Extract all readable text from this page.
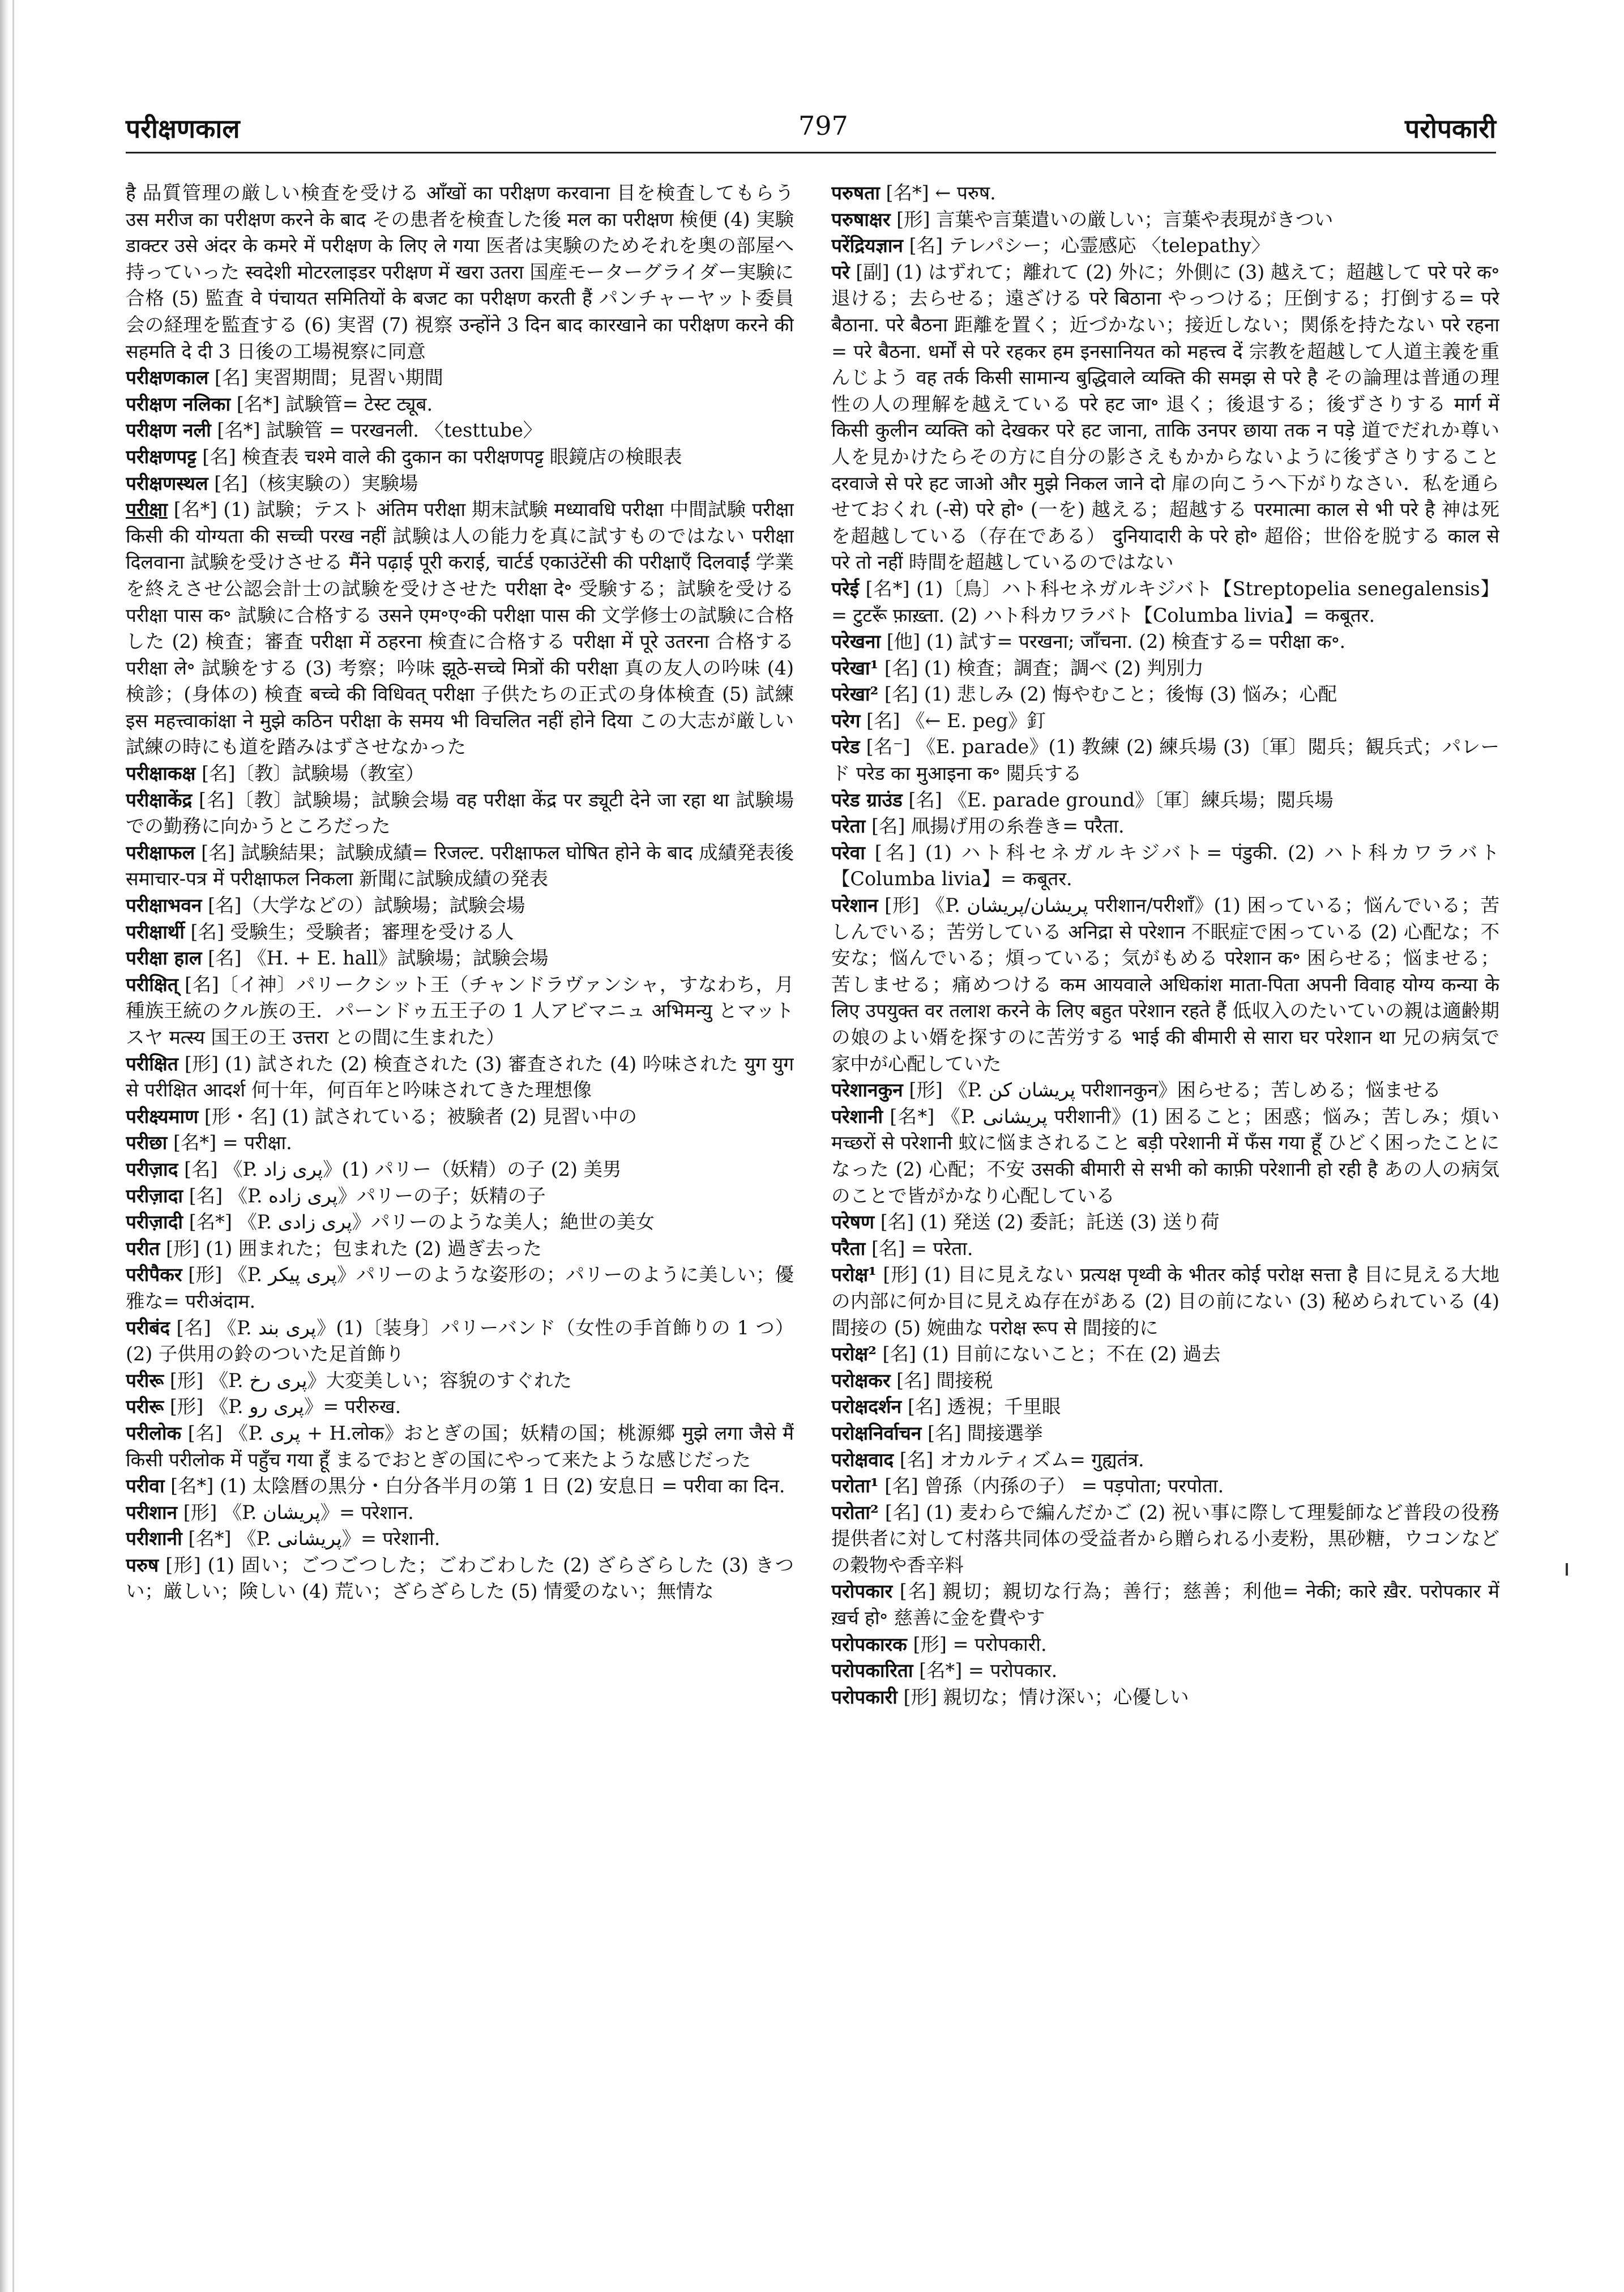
परीक्षणकाल	797	परोपकारी

है 品質管理の厳しい検査を受ける आँखों का परीक्षण करवाना 目を検査してもらう उस मरीज का परीक्षण करने के बाद その患者を検査した後 मल का परीक्षण 検便 (4) 実験 डाक्टर उसे अंदर के कमरे में परीक्षण के लिए ले गया 医者は実験のためそれを奥の部屋へ持っていった स्वदेशी मोटरलाइडर परीक्षण में खरा उतरा 国産モーターグライダー実験に合格 (5) 監査 वे पंचायत समितियों के बजट का परीक्षण करती हैं パンチャーヤット委員会の経理を監査する (6) 実習 (7) 視察 उन्होंने 3 दिन बाद कारखाने का परीक्षण करने की सहमति दे दी 3 日後の工場視察に同意

परीक्षणकाल [名] 実習期間；見習い期間

परीक्षण नलिका [名*] 試験管= टेस्ट ट्यूब.

परीक्षण नली [名*] 試験管 = परखनली. 〈testtube〉

परीक्षणपट्ट [名] 検査表 चश्मे वाले की दुकान का परीक्षणपट्ट 眼鏡店の検眼表

परीक्षणस्थल [名]（核実験の）実験場

परीक्षा [名*] (1) 試験；テスト अंतिम परीक्षा 期末試験 मध्यावधि परीक्षा 中間試験 परीक्षा किसी की योग्यता की सच्ची परख नहीं 試験は人の能力を真に試すものではない परीक्षा दिलवाना 試験を受けさせる मैंने पढ़ाई पूरी कराई, चार्टर्ड एकाउंटेंसी की परीक्षाएँ दिलवाईं 学業を終えさせ公認会計士の試験を受けさせた परीक्षा दे॰ 受験する；試験を受ける परीक्षा पास क॰ 試験に合格する उसने एम॰ए॰की परीक्षा पास की 文学修士の試験に合格した (2) 検査；審査 परीक्षा में ठहरना 検査に合格する परीक्षा में पूरे उतरना 合格する परीक्षा ले॰ 試験をする (3) 考察；吟味 झूठे-सच्चे मित्रों की परीक्षा 真の友人の吟味 (4) 検診；(身体の) 検査 बच्चे की विधिवत् परीक्षा 子供たちの正式の身体検査 (5) 試練 इस महत्त्वाकांक्षा ने मुझे कठिन परीक्षा के समय भी विचलित नहीं होने दिया この大志が厳しい試練の時にも道を踏みはずさせなかった

परीक्षाकक्ष [名]〔教〕試験場（教室）

परीक्षाकेंद्र [名]〔教〕試験場；試験会場 वह परीक्षा केंद्र पर ड्यूटी देने जा रहा था 試験場での勤務に向かうところだった

परीक्षाफल [名] 試験結果；試験成績= रिजल्ट. परीक्षाफल घोषित होने के बाद 成績発表後 समाचार-पत्र में परीक्षाफल निकला 新聞に試験成績の発表

परीक्षाभवन [名]（大学などの）試験場；試験会場

परीक्षार्थी [名] 受験生；受験者；審理を受ける人

परीक्षा हाल [名] 《H. + E. hall》試験場；試験会場

परीक्षित् [名]〔イ神〕パリークシット王（チャンドラヴァンシャ，すなわち，月種族王統のクル族の王．パーンドゥ五王子の 1 人アビマニュ अभिमन्यु とマットスヤ मत्स्य 国王の王 उत्तरा との間に生まれた）

परीक्षित [形] (1) 試された (2) 検査された (3) 審査された (4) 吟味された युग युग से परीक्षित आदर्श 何十年，何百年と吟味されてきた理想像

परीक्ष्यमाण [形・名] (1) 試されている；被験者 (2) 見習い中の

परीछा [名*] = परीक्षा.

परीज़ाद [名] 《P. پری زاد》(1) パリー（妖精）の子 (2) 美男

परीज़ादा [名] 《P. پری زاده》パリーの子；妖精の子

परीज़ादी [名*] 《P. پری زادی》パリーのような美人；絶世の美女

परीत [形] (1) 囲まれた；包まれた (2) 過ぎ去った

परीपैकर [形] 《P. پری پیکر》パリーのような姿形の；パリーのように美しい；優雅な= परीअंदाम.

परीबंद [名] 《P. پری بند》(1)〔装身〕パリーバンド（女性の手首飾りの 1 つ） (2) 子供用の鈴のついた足首飾り

परीरू [形] 《P. پری رخ》大変美しい；容貌のすぐれた

परीरू [形] 《P. پری رو》= परीरुख.

परीलोक [名] 《P. پری + H.लोक》おとぎの国；妖精の国；桃源郷 मुझे लगा जैसे मैं किसी परीलोक में पहुँच गया हूँ まるでおとぎの国にやって来たような感じだった

परीवा [名*] (1) 太陰暦の黒分・白分各半月の第 1 日 (2) 安息日 = परीवा का दिन.

परीशान [形] 《P. پریشان》= परेशान.

परीशानी [名*] 《P. پریشانی》= परेशानी.

परुष [形] (1) 固い；ごつごつした；ごわごわした (2) ざらざらした (3) きつい；厳しい；険しい (4) 荒い；ざらざらした (5) 情愛のない；無情な

परुषता [名*] ← परुष.

परुषाक्षर [形] 言葉や言葉遣いの厳しい；言葉や表現がきつい

परेंद्रियज्ञान [名] テレパシー；心霊感応 〈telepathy〉

परे [副] (1) はずれて；離れて (2) 外に；外側に (3) 越えて；超越して परे परे क॰ 退ける；去らせる；遠ざける परे बिठाना やっつける；圧倒する；打倒する= परे बैठाना. परे बैठना 距離を置く；近づかない；接近しない；関係を持たない परे रहना = परे बैठना. धर्मों से परे रहकर हम इनसानियत को महत्त्व दें 宗教を超越して人道主義を重んじよう वह तर्क किसी सामान्य बुद्धिवाले व्यक्ति की समझ से परे है その論理は普通の理性の人の理解を越えている परे हट जा॰ 退く；後退する；後ずさりする मार्ग में किसी कुलीन व्यक्ति को देखकर परे हट जाना, ताकि उनपर छाया तक न पड़े 道でだれか尊い人を見かけたらその方に自分の影さえもかからないように後ずさりすること दरवाजे से परे हट जाओ और मुझे निकल जाने दो 扉の向こうへ下がりなさい．私を通らせておくれ (-से) परे हो॰ (一を) 越える；超越する परमात्मा काल से भी परे है 神は死を超越している（存在である） दुनियादारी के परे हो॰ 超俗；世俗を脱する काल से परे तो नहीं 時間を超越しているのではない

परेई [名*] (1)〔鳥〕ハト科セネガルキジバト【Streptopelia senegalensis】= टुटरूँ फ़ाख़्ता. (2) ハト科カワラバト【Columba livia】= कबूतर.

परेखना [他] (1) 試す= परखना; जाँचना. (2) 検査する= परीक्षा क॰.

परेखा¹ [名] (1) 検査；調査；調べ (2) 判別力

परेखा² [名] (1) 悲しみ (2) 悔やむこと；後悔 (3) 悩み；心配

परेग [名] 《← E. peg》釘

परेड [名⁻] 《E. parade》(1) 教練 (2) 練兵場 (3)〔軍〕閲兵；観兵式；パレード परेड का मुआइना क॰ 閲兵する

परेड ग्राउंड [名] 《E. parade ground》〔軍〕練兵場；閲兵場

परेता [名] 凧揚げ用の糸巻き= परैता.

परेवा [名] (1) ハト科セネガルキジバト= पंडुकी. (2) ハト科カワラバト【Columba livia】= कबूतर.

परेशान [形] 《P. پریشان/پریشان परीशान/परीशाँ》(1) 困っている；悩んでいる；苦しんでいる；苦労している अनिद्रा से परेशान 不眠症で困っている (2) 心配な；不安な；悩んでいる；煩っている；気がもめる परेशान क॰ 困らせる；悩ませる；苦しませる；痛めつける कम आयवाले अधिकांश माता-पिता अपनी विवाह योग्य कन्या के लिए उपयुक्त वर तलाश करने के लिए बहुत परेशान रहते हैं 低収入のたいていの親は適齢期の娘のよい婿を探すのに苦労する भाई की बीमारी से सारा घर परेशान था 兄の病気で家中が心配していた

परेशानकुन [形] 《P. پریشان کن परीशानकुन》困らせる；苦しめる；悩ませる

परेशानी [名*] 《P. پریشانی परीशानी》(1) 困ること；困惑；悩み；苦しみ；煩い मच्छरों से परेशानी 蚊に悩まされること बड़ी परेशानी में फँस गया हूँ ひどく困ったことになった (2) 心配；不安 उसकी बीमारी से सभी को काफ़ी परेशानी हो रही है あの人の病気のことで皆がかなり心配している

परेषण [名] (1) 発送 (2) 委託；託送 (3) 送り荷

परैता [名] = परेता.

परोक्ष¹ [形] (1) 目に見えない प्रत्यक्ष पृथ्वी के भीतर कोई परोक्ष सत्ता है 目に見える大地の内部に何か目に見えぬ存在がある (2) 目の前にない (3) 秘められている (4) 間接の (5) 婉曲な परोक्ष रूप से 間接的に

परोक्ष² [名] (1) 目前にないこと；不在 (2) 過去

परोक्षकर [名] 間接税

परोक्षदर्शन [名] 透視；千里眼

परोक्षनिर्वाचन [名] 間接選挙

परोक्षवाद [名] オカルティズム= गुह्यतंत्र.

परोता¹ [名] 曾孫（内孫の子） = पड़पोता; परपोता.

परोता² [名] (1) 麦わらで編んだかご (2) 祝い事に際して理髪師など普段の役務提供者に対して村落共同体の受益者から贈られる小麦粉，黒砂糖，ウコンなどの穀物や香辛料

परोपकार [名] 親切；親切な行為；善行；慈善；利他= नेकी; कारे ख़ैर. परोपकार में ख़र्च हो॰ 慈善に金を費やす

परोपकारक [形] = परोपकारी.

परोपकारिता [名*] = परोपकार.

परोपकारी [形] 親切な；情け深い；心優しい
